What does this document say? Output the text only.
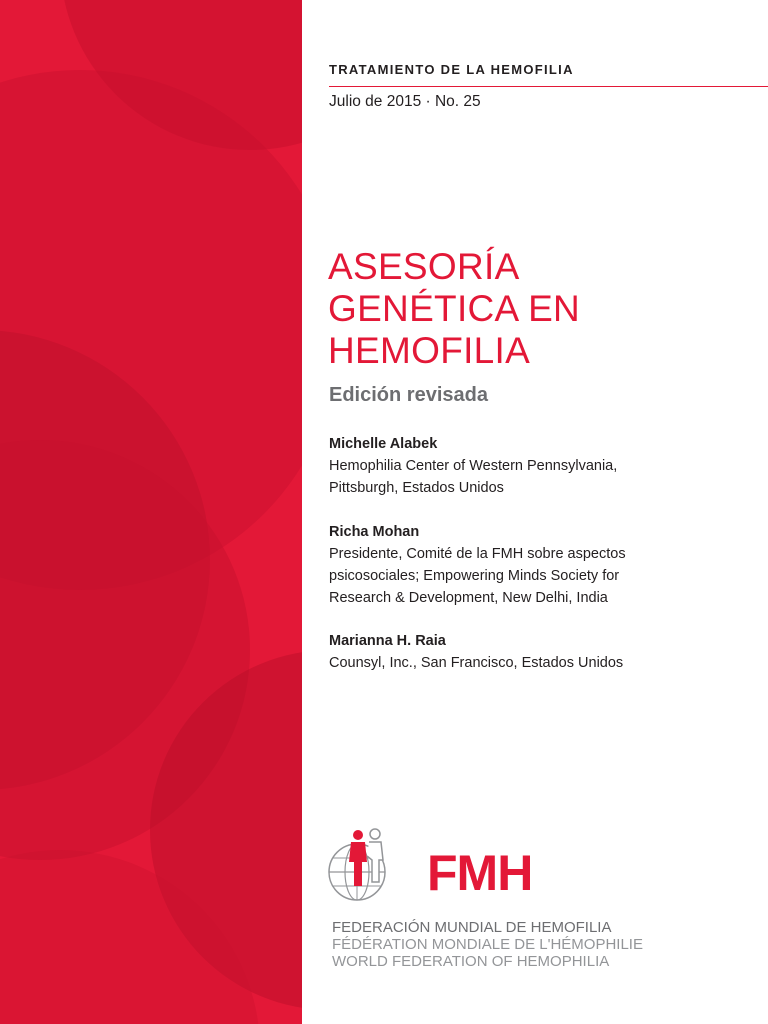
TRATAMIENTO DE LA HEMOFILIA
Julio de 2015 · No. 25
ASESORÍA
GENÉTICA EN
HEMOFILIA
Edición revisada
Michelle Alabek
Hemophilia Center of Western Pennsylvania,
Pittsburgh, Estados Unidos
Richa Mohan
Presidente, Comité de la FMH sobre aspectos
psicosociales; Empowering Minds Society for
Research & Development, New Delhi, India
Marianna H. Raia
Counsyl, Inc., San Francisco, Estados Unidos
FMH
FEDERACIÓN MUNDIAL DE HEMOFILIA
FÉDÉRATION MONDIALE DE L'HÉMOPHILIE
WORLD FEDERATION OF HEMOPHILIA
